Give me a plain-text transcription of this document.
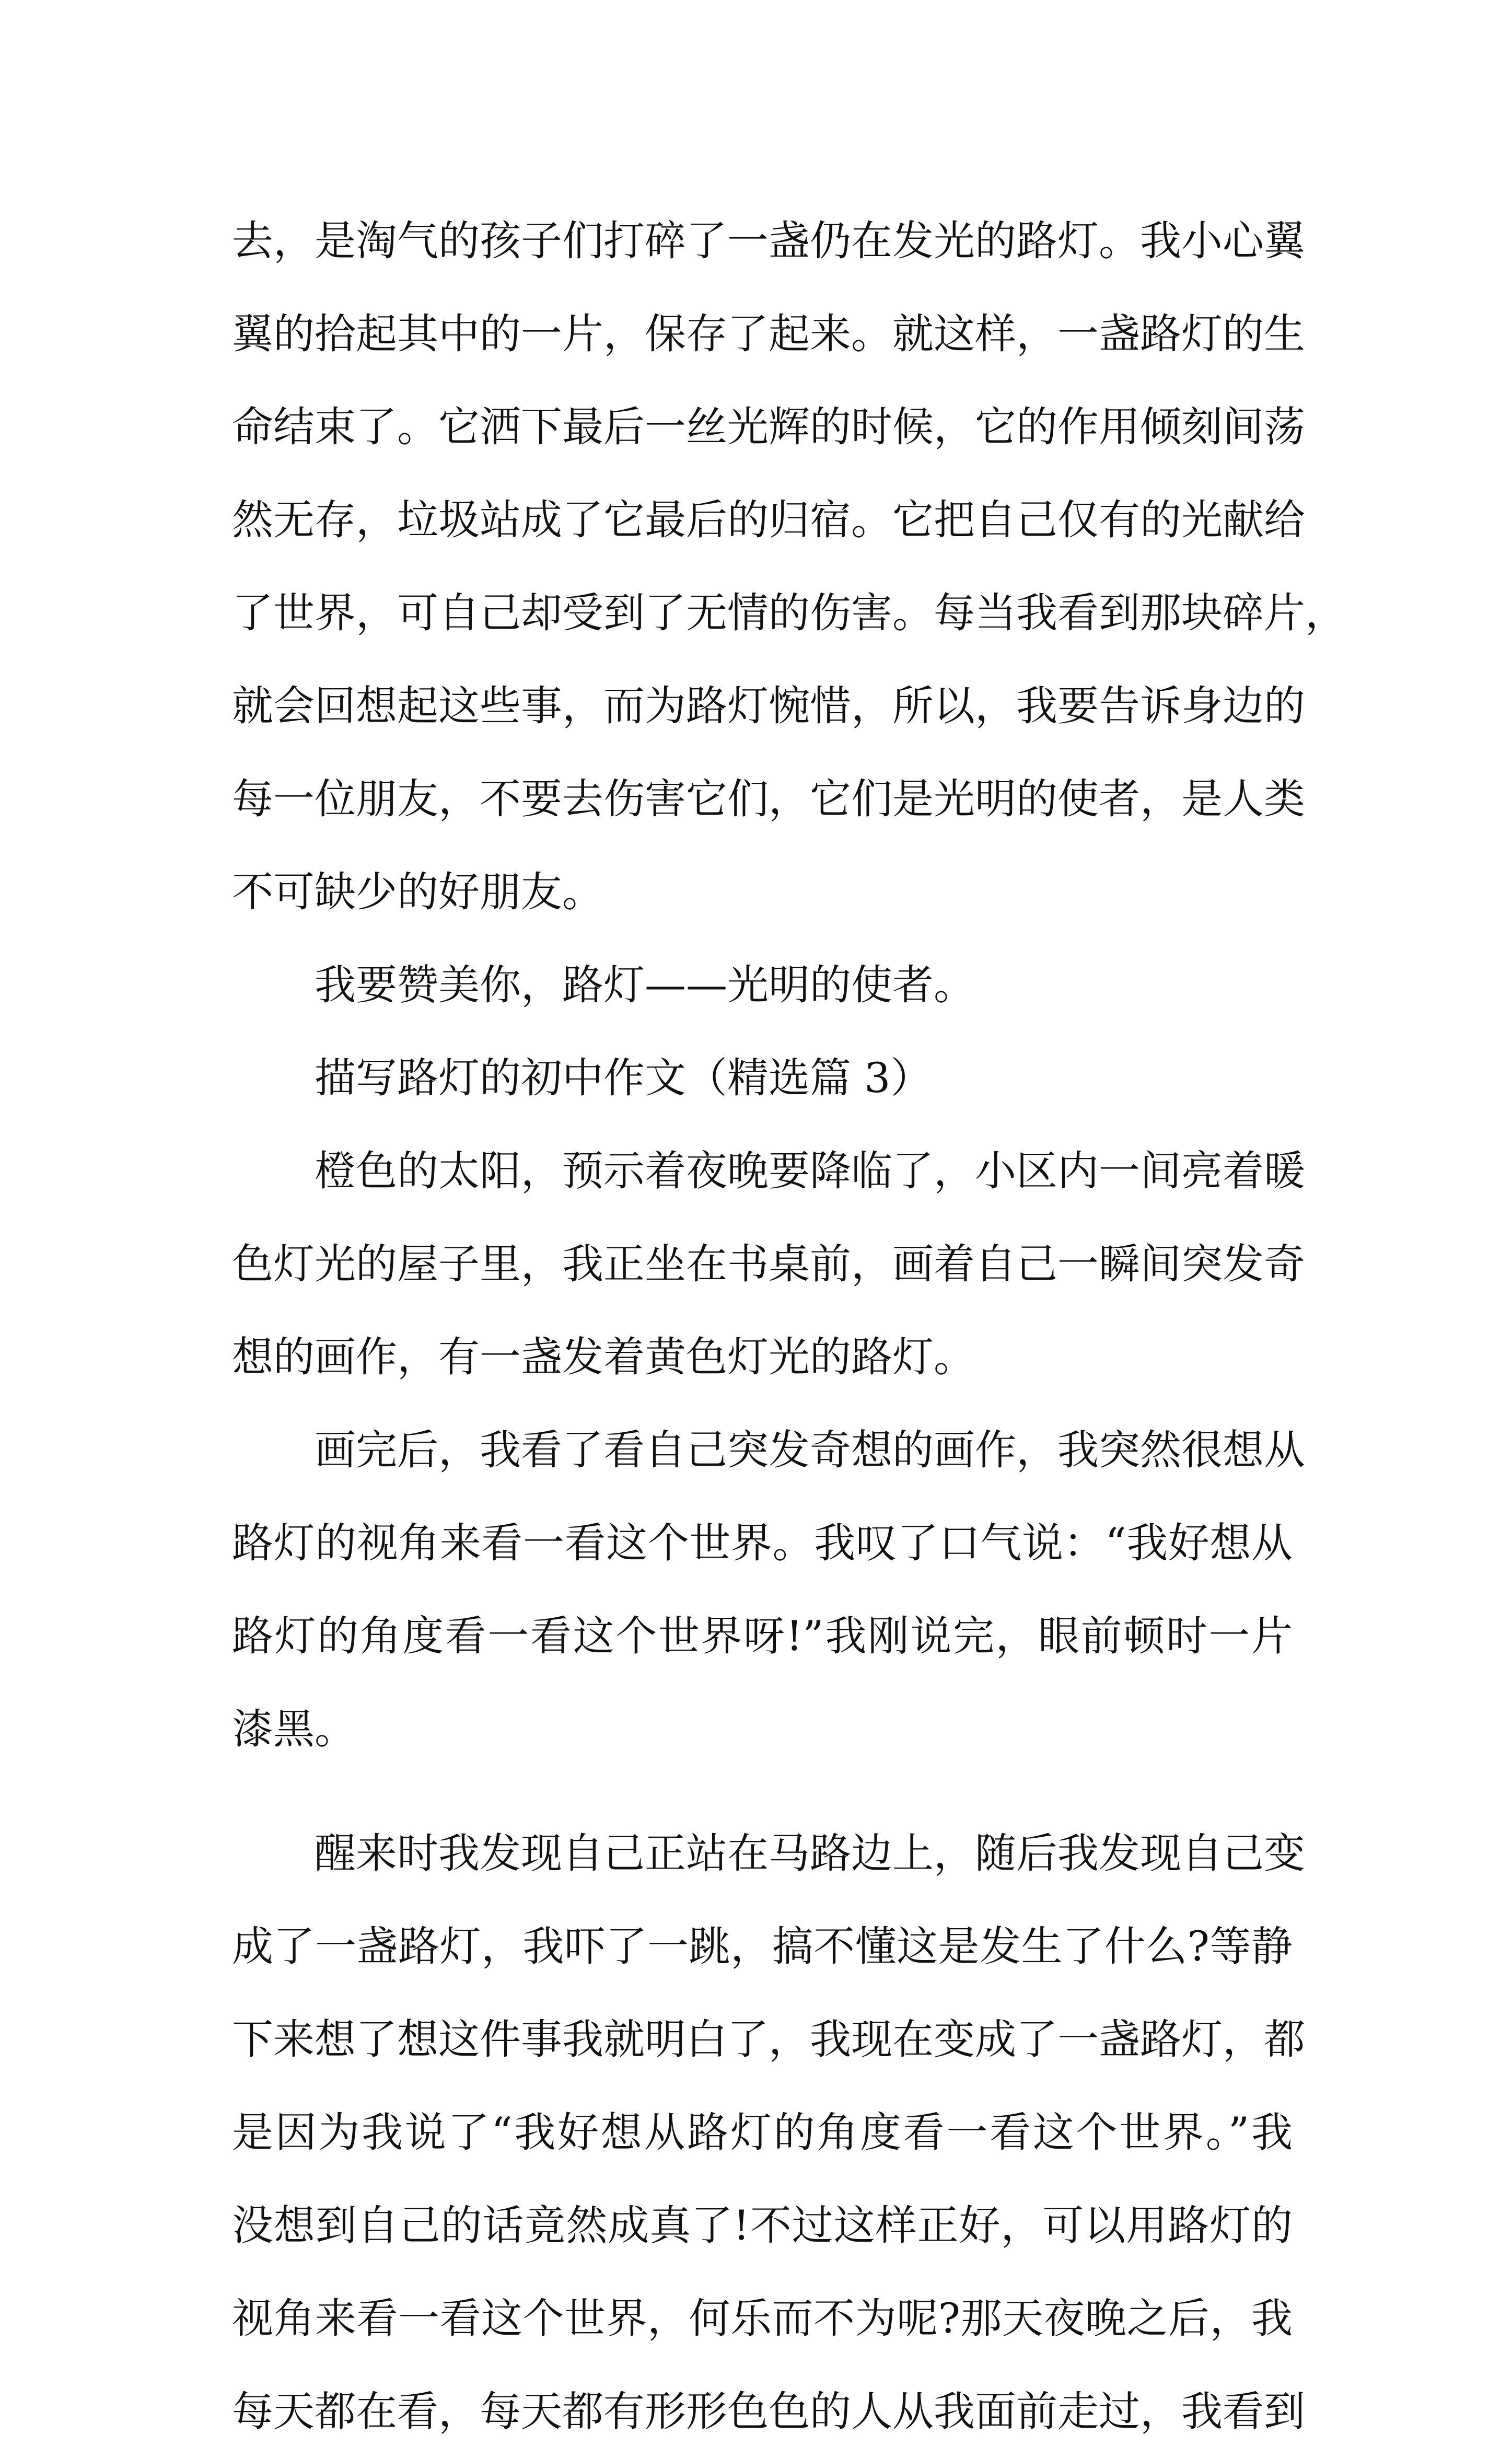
去，是淘气的孩子们打碎了一盏仍在发光的路灯。我小心翼
翼的拾起其中的一片，保存了起来。就这样，一盏路灯的生
命结束了。它洒下最后一丝光辉的时候，它的作用倾刻间荡
然无存，垃圾站成了它最后的归宿。它把自己仅有的光献给
了世界，可自己却受到了无情的伤害。每当我看到那块碎片，
就会回想起这些事，而为路灯惋惜，所以，我要告诉身边的
每一位朋友，不要去伤害它们，它们是光明的使者，是人类
不可缺少的好朋友。
我要赞美你，路灯——光明的使者。
描写路灯的初中作文（精选篇 3）
橙色的太阳，预示着夜晚要降临了，小区内一间亮着暖
色灯光的屋子里，我正坐在书桌前，画着自己一瞬间突发奇
想的画作，有一盏发着黄色灯光的路灯。
画完后，我看了看自己突发奇想的画作，我突然很想从
路灯的视角来看一看这个世界。我叹了口气说：“我好想从
路灯的角度看一看这个世界呀!”我刚说完，眼前顿时一片
漆黑。
醒来时我发现自己正站在马路边上，随后我发现自己变
成了一盏路灯，我吓了一跳，搞不懂这是发生了什么?等静
下来想了想这件事我就明白了，我现在变成了一盏路灯，都
是因为我说了“我好想从路灯的角度看一看这个世界。”我
没想到自己的话竟然成真了!不过这样正好，可以用路灯的
视角来看一看这个世界，何乐而不为呢?那天夜晚之后，我
每天都在看，每天都有形形色色的人从我面前走过，我看到
